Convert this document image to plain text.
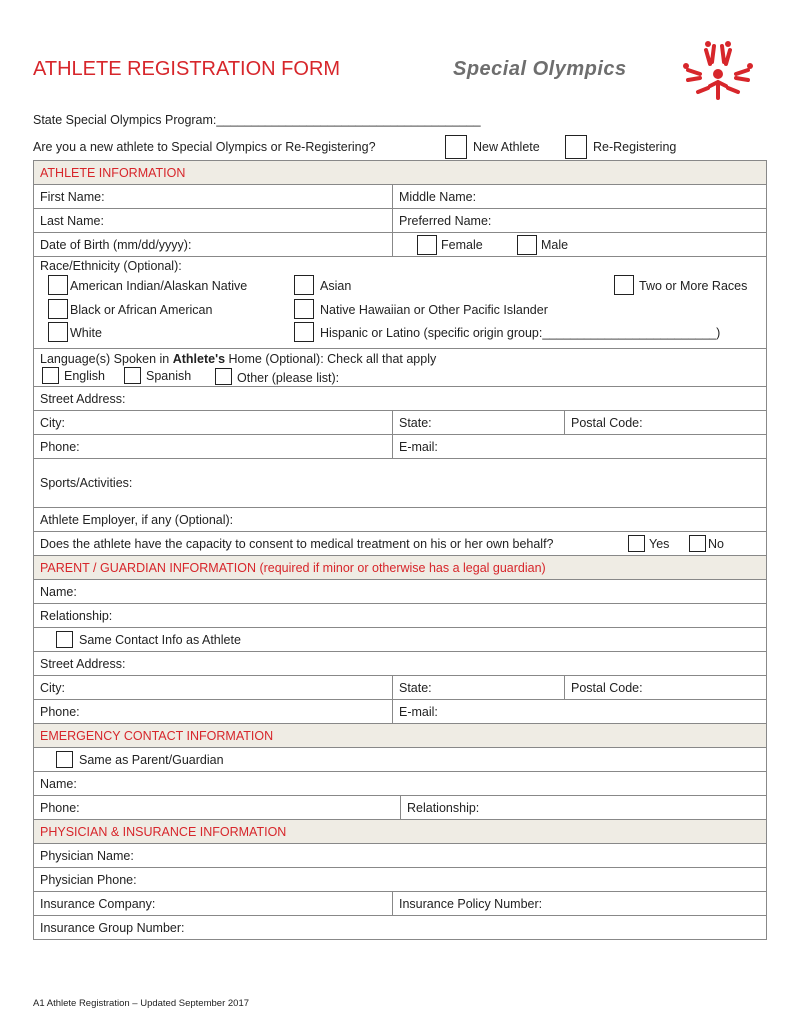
ATHLETE REGISTRATION FORM	Special Olympics
State Special Olympics Program:______________________________________
Are you a new athlete to Special Olympics or Re-Registering?	New Athlete	Re-Registering
ATHLETE INFORMATION
First Name:	Middle Name:
Last Name:	Preferred Name:
Date of Birth (mm/dd/yyyy):	Female	Male
Race/Ethnicity (Optional):
American Indian/Alaskan Native	Asian	Two or More Races
Black or African American	Native Hawaiian or Other Pacific Islander
White	Hispanic or Latino (specific origin group:_________________________)
Language(s) Spoken in Athlete's Home (Optional): Check all that apply
English	Spanish	Other (please list):
Street Address:
City:	State:	Postal Code:
Phone:	E-mail:
Sports/Activities:
Athlete Employer, if any (Optional):
Does the athlete have the capacity to consent to medical treatment on his or her own behalf?	Yes	No
PARENT / GUARDIAN INFORMATION (required if minor or otherwise has a legal guardian)
Name:
Relationship:
Same Contact Info as Athlete
Street Address:
City:	State:	Postal Code:
Phone:	E-mail:
EMERGENCY CONTACT INFORMATION
Same as Parent/Guardian
Name:
Phone:	Relationship:
PHYSICIAN & INSURANCE INFORMATION
Physician Name:
Physician Phone:
Insurance Company:	Insurance Policy Number:
Insurance Group Number:
A1 Athlete Registration – Updated September 2017
